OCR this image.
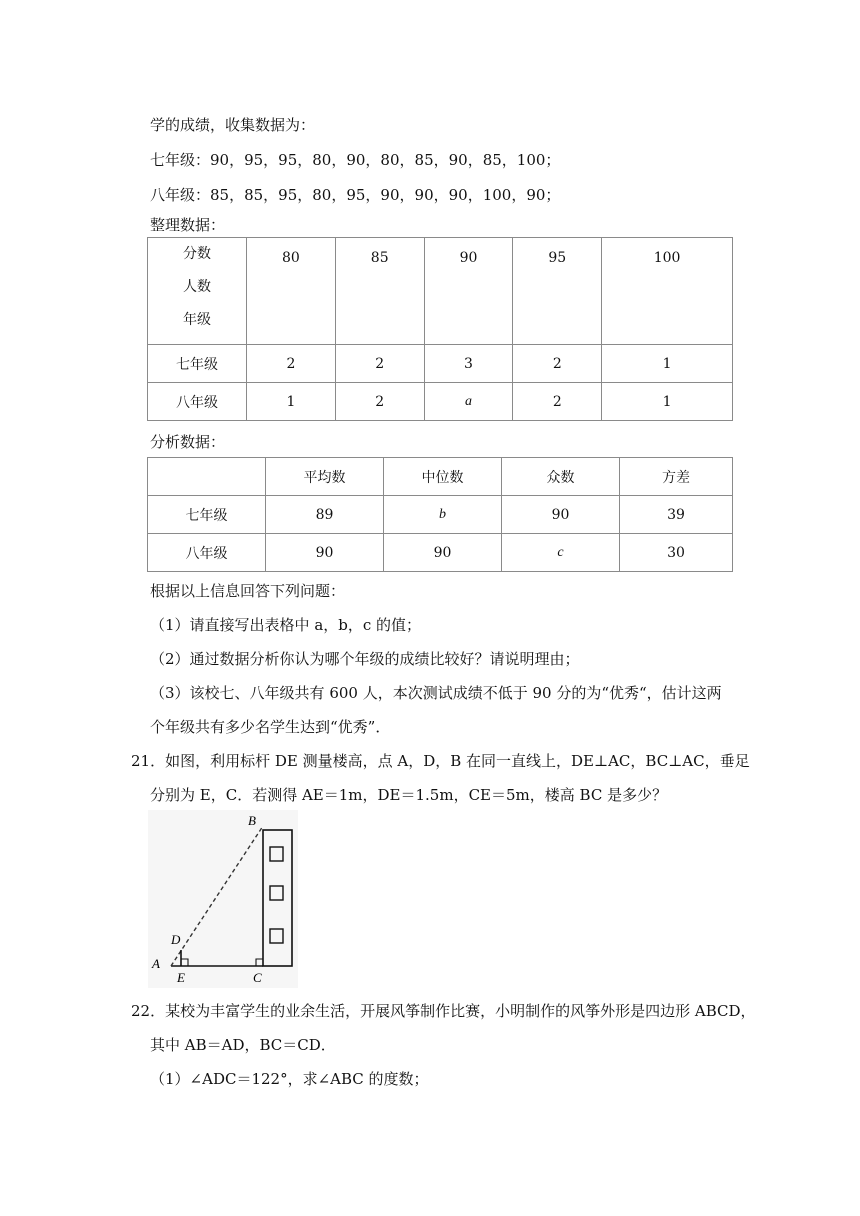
学的成绩，收集数据为：
七年级：90，95，95，80，90，80，85，90，85，100；
八年级：85，85，95，80，95，90，90，90，100，90；
整理数据：
分数
人数
年级	80	85	90	95	100
七年级	2	2	3	2	1
八年级	1	2	a	2	1
分析数据：
	平均数	中位数	众数	方差
七年级	89	b	90	39
八年级	90	90	c	30
根据以上信息回答下列问题：
（1）请直接写出表格中 a，b，c 的值；
（2）通过数据分析你认为哪个年级的成绩比较好？请说明理由；
（3）该校七、八年级共有 600 人，本次测试成绩不低于 90 分的为“优秀“，估计这两
个年级共有多少名学生达到“优秀”．
21．如图，利用标杆 DE 测量楼高，点 A，D，B 在同一直线上，DE⊥AC，BC⊥AC，垂足
分别为 E，C．若测得 AE＝1m，DE＝1.5m，CE＝5m，楼高 BC 是多少？
B
D
A
E	C
22．某校为丰富学生的业余生活，开展风筝制作比赛，小明制作的风筝外形是四边形 ABCD，
其中 AB＝AD，BC＝CD．
（1）∠ADC＝122°，求∠ABC 的度数；
